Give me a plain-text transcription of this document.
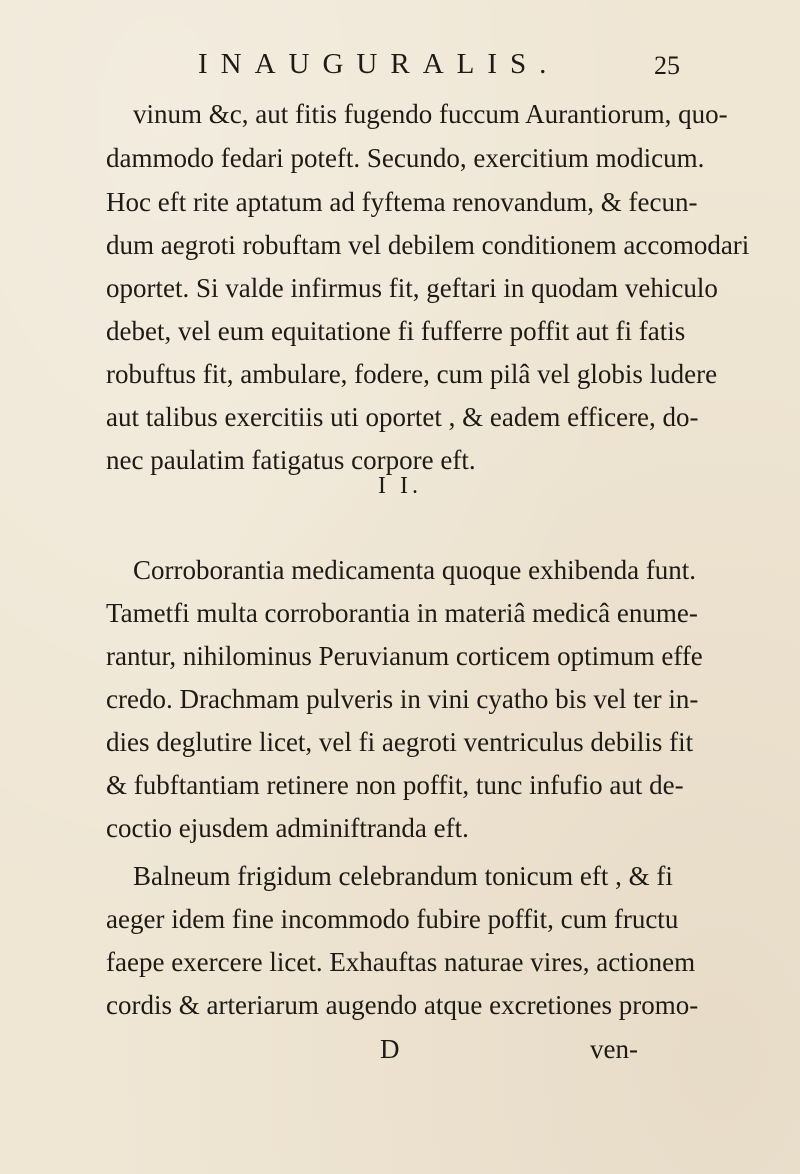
INAUGURALIS.	25
vinum &c, aut fitis fugendo fuccum Aurantiorum, quo-
dammodo fedari poteft. Secundo, exercitium modicum.
Hoc eft rite aptatum ad fyftema renovandum, & fecun-
dum aegroti robuftam vel debilem conditionem accomodari
oportet. Si valde infirmus fit, geftari in quodam vehiculo
debet, vel eum equitatione fi fufferre poffit aut fi fatis
robuftus fit, ambulare, fodere, cum pilâ vel globis ludere
aut talibus exercitiis uti oportet , & eadem efficere, do-
nec paulatim fatigatus corpore eft.
I I.
Corroborantia medicamenta quoque exhibenda funt.
Tametfi multa corroborantia in materiâ medicâ enume-
rantur, nihilominus Peruvianum corticem optimum effe
credo. Drachmam pulveris in vini cyatho bis vel ter in-
dies deglutire licet, vel fi aegroti ventriculus debilis fit
& fubftantiam retinere non poffit, tunc infufio aut de-
coctio ejusdem adminiftranda eft.
Balneum frigidum celebrandum tonicum eft , & fi
aeger idem fine incommodo fubire poffit, cum fructu
faepe exercere licet. Exhauftas naturae vires, actionem
cordis & arteriarum augendo atque excretiones promo-
D	ven-
